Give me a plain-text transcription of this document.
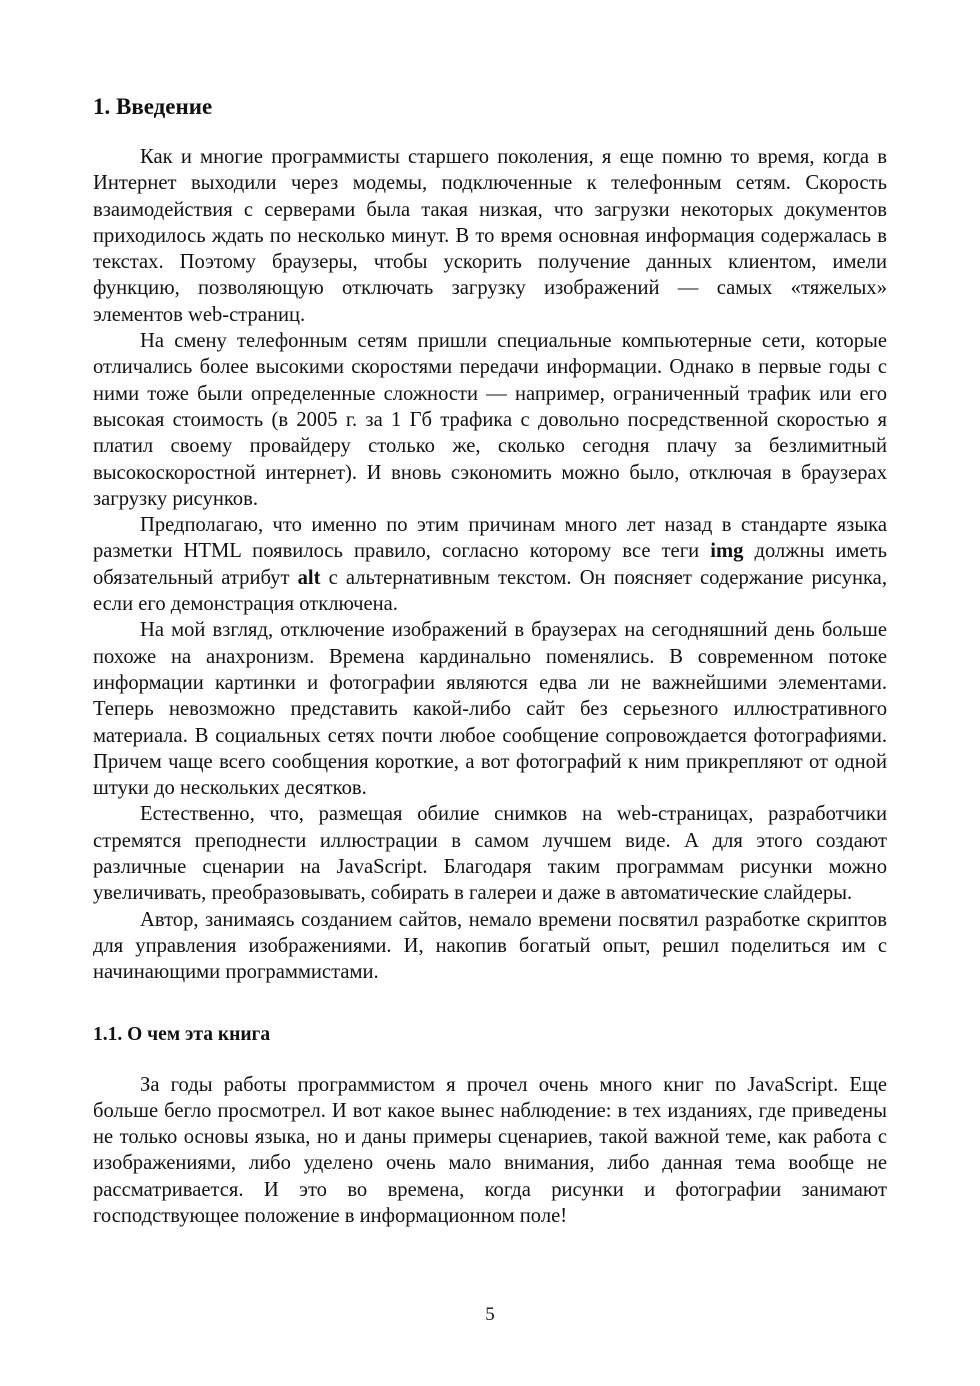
1. Введение

Как и многие программисты старшего поколения, я еще помню то время, когда в Интернет выходили через модемы, подключенные к телефонным сетям. Скорость взаимодействия с серверами была такая низкая, что загрузки некоторых документов приходилось ждать по несколько минут. В то время основная информация содержалась в текстах. Поэтому браузеры, чтобы ускорить получение данных клиентом, имели функцию, позволяющую отключать загрузку изображений — самых «тяжелых» элементов web-страниц.

На смену телефонным сетям пришли специальные компьютерные сети, которые отличались более высокими скоростями передачи информации. Однако в первые годы с ними тоже были определенные сложности — например, ограниченный трафик или его высокая стоимость (в 2005 г. за 1 Гб трафика с довольно посредственной скоростью я платил своему провайдеру столько же, сколько сегодня плачу за безлимитный высокоскоростной интернет). И вновь сэкономить можно было, отключая в браузерах загрузку рисунков.

Предполагаю, что именно по этим причинам много лет назад в стандарте языка разметки HTML появилось правило, согласно которому все теги img должны иметь обязательный атрибут alt с альтернативным текстом. Он поясняет содержание рисунка, если его демонстрация отключена.

На мой взгляд, отключение изображений в браузерах на сегодняшний день больше похоже на анахронизм. Времена кардинально поменялись. В современном потоке информации картинки и фотографии являются едва ли не важнейшими элементами. Теперь невозможно представить какой-либо сайт без серьезного иллюстративного материала. В социальных сетях почти любое сообщение сопровождается фотографиями. Причем чаще всего сообщения короткие, а вот фотографий к ним прикрепляют от одной штуки до нескольких десятков.

Естественно, что, размещая обилие снимков на web-страницах, разработчики стремятся преподнести иллюстрации в самом лучшем виде. А для этого создают различные сценарии на JavaScript. Благодаря таким программам рисунки можно увеличивать, преобразовывать, собирать в галереи и даже в автоматические слайдеры.

Автор, занимаясь созданием сайтов, немало времени посвятил разработке скриптов для управления изображениями. И, накопив богатый опыт, решил поделиться им с начинающими программистами.

1.1. О чем эта книга

За годы работы программистом я прочел очень много книг по JavaScript. Еще больше бегло просмотрел. И вот какое вынес наблюдение: в тех изданиях, где приведены не только основы языка, но и даны примеры сценариев, такой важной теме, как работа с изображениями, либо уделено очень мало внимания, либо данная тема вообще не рассматривается. И это во времена, когда рисунки и фотографии занимают господствующее положение в информационном поле!

5
